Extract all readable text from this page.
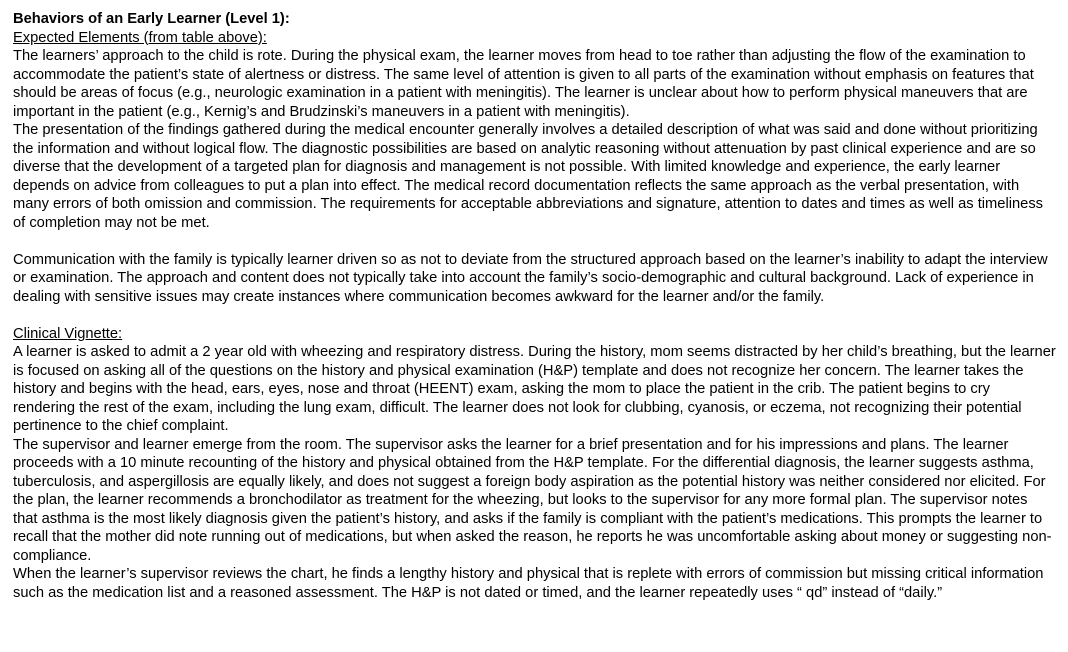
Behaviors of an Early Learner (Level 1):

Expected Elements (from table above):

The learners’ approach to the child is rote. During the physical exam, the learner moves from head to toe rather than adjusting the flow of the examination to accommodate the patient’s state of alertness or distress. The same level of attention is given to all parts of the examination without emphasis on features that should be areas of focus (e.g., neurologic examination in a patient with meningitis). The learner is unclear about how to perform physical maneuvers that are important in the patient (e.g., Kernig’s and Brudzinski’s maneuvers in a patient with meningitis).

The presentation of the findings gathered during the medical encounter generally involves a detailed description of what was said and done without prioritizing the information and without logical flow. The diagnostic possibilities are based on analytic reasoning without attenuation by past clinical experience and are so diverse that the development of a targeted plan for diagnosis and management is not possible. With limited knowledge and experience, the early learner depends on advice from colleagues to put a plan into effect. The medical record documentation reflects the same approach as the verbal presentation, with many errors of both omission and commission. The requirements for acceptable abbreviations and signature, attention to dates and times as well as timeliness of completion may not be met.

Communication with the family is typically learner driven so as not to deviate from the structured approach based on the learner’s inability to adapt the interview or examination. The approach and content does not typically take into account the family’s socio-demographic and cultural background. Lack of experience in dealing with sensitive issues may create instances where communication becomes awkward for the learner and/or the family.

Clinical Vignette:

A learner is asked to admit a 2 year old with wheezing and respiratory distress. During the history, mom seems distracted by her child’s breathing, but the learner is focused on asking all of the questions on the history and physical examination (H&P) template and does not recognize her concern. The learner takes the history and begins with the head, ears, eyes, nose and throat (HEENT) exam, asking the mom to place the patient in the crib. The patient begins to cry rendering the rest of the exam, including the lung exam, difficult. The learner does not look for clubbing, cyanosis, or eczema, not recognizing their potential pertinence to the chief complaint.

The supervisor and learner emerge from the room. The supervisor asks the learner for a brief presentation and for his impressions and plans. The learner proceeds with a 10 minute recounting of the history and physical obtained from the H&P template. For the differential diagnosis, the learner suggests asthma, tuberculosis, and aspergillosis are equally likely, and does not suggest a foreign body aspiration as the potential history was neither considered nor elicited. For the plan, the learner recommends a bronchodilator as treatment for the wheezing, but looks to the supervisor for any more formal plan. The supervisor notes that asthma is the most likely diagnosis given the patient’s history, and asks if the family is compliant with the patient’s medications. This prompts the learner to recall that the mother did note running out of medications, but when asked the reason, he reports he was uncomfortable asking about money or suggesting non-compliance.

When the learner’s supervisor reviews the chart, he finds a lengthy history and physical that is replete with errors of commission but missing critical information such as the medication list and a reasoned assessment. The H&P is not dated or timed, and the learner repeatedly uses “ qd” instead of “daily.”
